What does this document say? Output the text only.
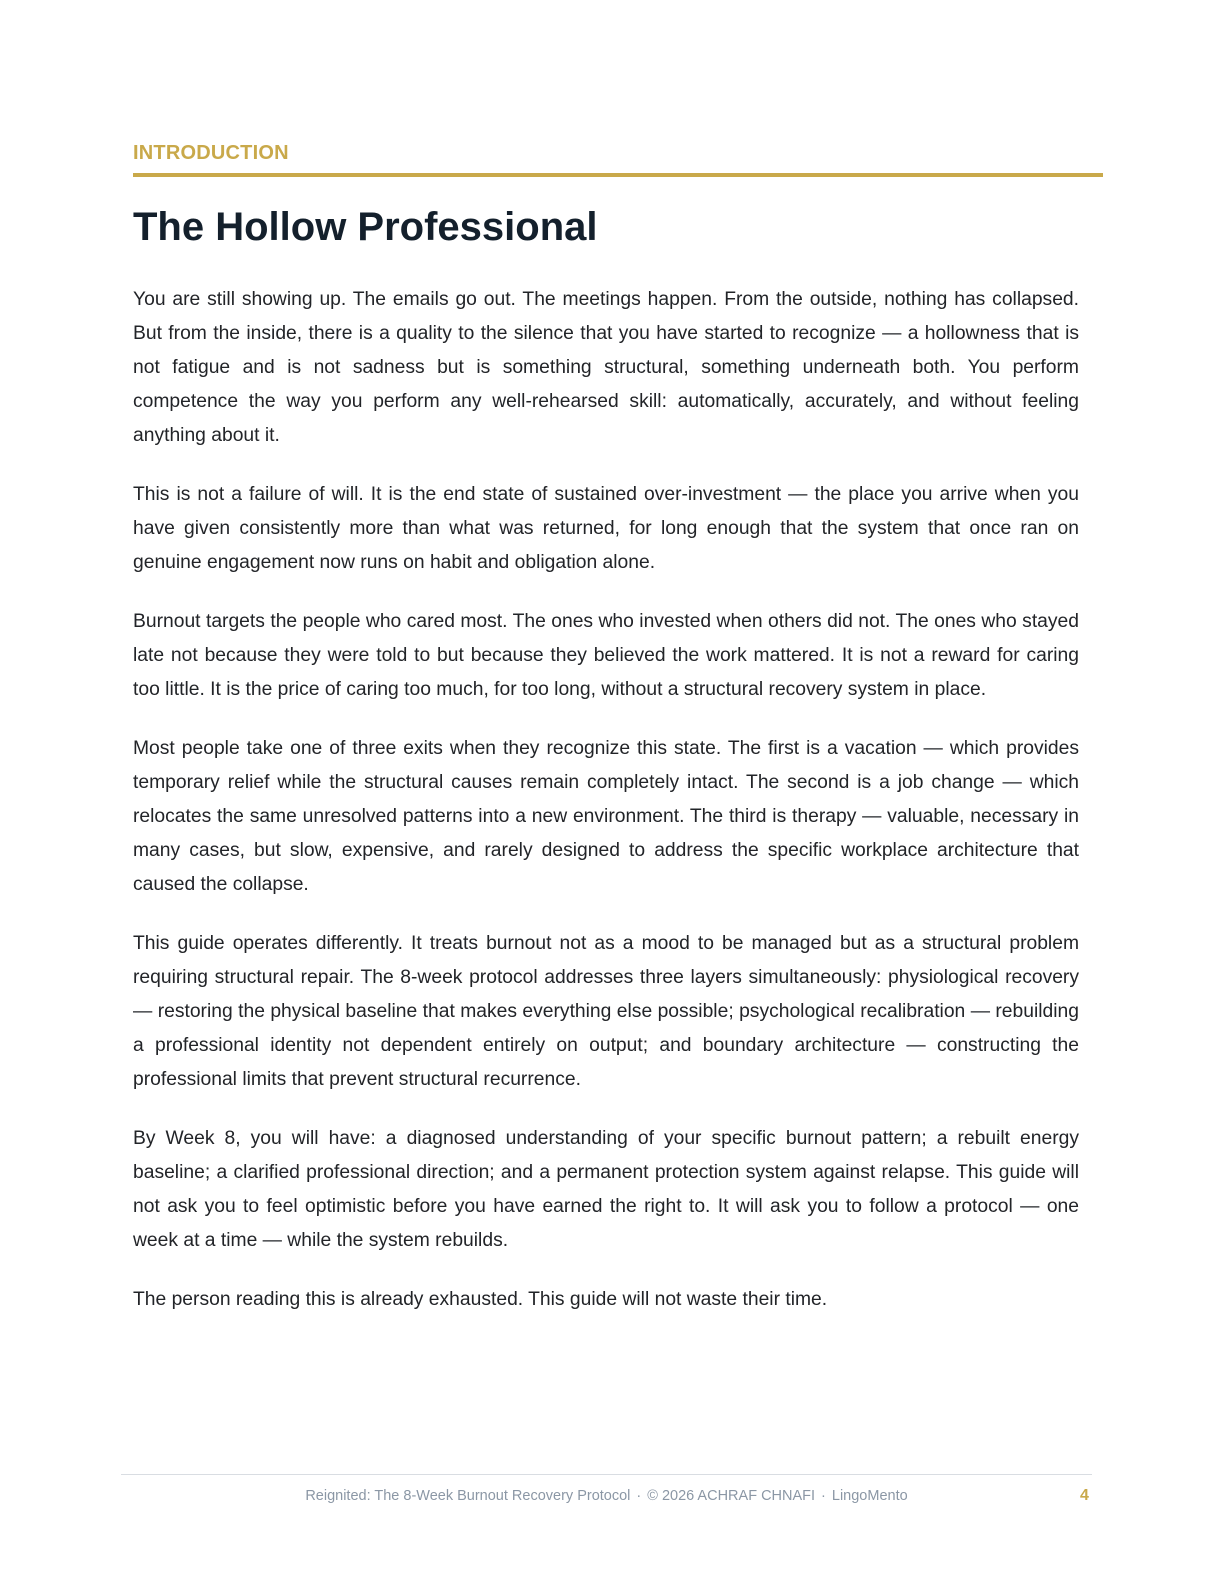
INTRODUCTION
The Hollow Professional

You are still showing up. The emails go out. The meetings happen. From the outside, nothing has collapsed. But from the inside, there is a quality to the silence that you have started to recognize — a hollowness that is not fatigue and is not sadness but is something structural, something underneath both. You perform competence the way you perform any well-rehearsed skill: automatically, accurately, and without feeling anything about it.

This is not a failure of will. It is the end state of sustained over-investment — the place you arrive when you have given consistently more than what was returned, for long enough that the system that once ran on genuine engagement now runs on habit and obligation alone.

Burnout targets the people who cared most. The ones who invested when others did not. The ones who stayed late not because they were told to but because they believed the work mattered. It is not a reward for caring too little. It is the price of caring too much, for too long, without a structural recovery system in place.

Most people take one of three exits when they recognize this state. The first is a vacation — which provides temporary relief while the structural causes remain completely intact. The second is a job change — which relocates the same unresolved patterns into a new environment. The third is therapy — valuable, necessary in many cases, but slow, expensive, and rarely designed to address the specific workplace architecture that caused the collapse.

This guide operates differently. It treats burnout not as a mood to be managed but as a structural problem requiring structural repair. The 8-week protocol addresses three layers simultaneously: physiological recovery — restoring the physical baseline that makes everything else possible; psychological recalibration — rebuilding a professional identity not dependent entirely on output; and boundary architecture — constructing the professional limits that prevent structural recurrence.

By Week 8, you will have: a diagnosed understanding of your specific burnout pattern; a rebuilt energy baseline; a clarified professional direction; and a permanent protection system against relapse. This guide will not ask you to feel optimistic before you have earned the right to. It will ask you to follow a protocol — one week at a time — while the system rebuilds.

The person reading this is already exhausted. This guide will not waste their time.

Reignited: The 8-Week Burnout Recovery Protocol · © 2026 ACHRAF CHNAFI · LingoMento	4
